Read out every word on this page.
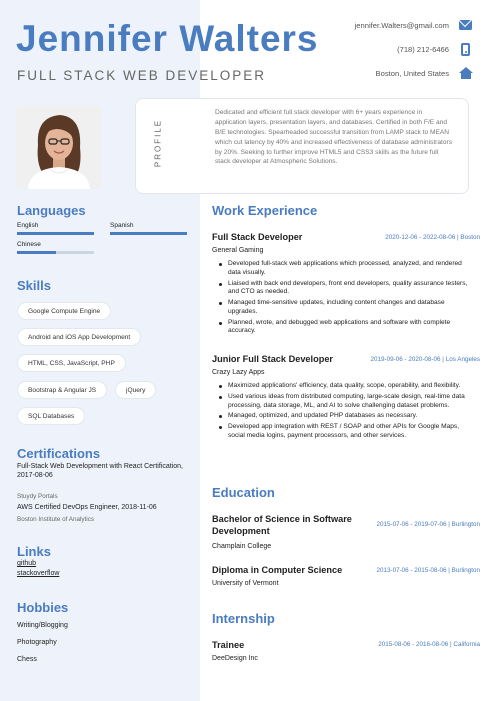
Jennifer Walters
FULL STACK WEB DEVELOPER
jennifer.Walters@gmail.com
(718) 212-6466
Boston, United States
PROFILE
Dedicated and efficient full stack developer with 6+ years experience in application layers, presentation layers, and databases. Certified in both F/E and B/E technologies. Spearheaded successful transition from LAMP stack to MEAN which cut latency by 40% and increased effectiveness of database administrators by 20%. Seeking to further improve HTML5 and CSS3 skills as the future full stack developer at Atmospheric Solutions.
Languages
English	Spanish
Chinese
Skills
Google Compute Engine
Android and iOS App Development
HTML, CSS, JavaScript, PHP
Bootstrap & Angular JS	jQuery
SQL Databases
Certifications
Full-Stack Web Development with React Certification, 2017-08-06
Stuydy Portals
AWS Certified DevOps Engineer, 2018-11-06
Boston Institute of Analytics
Links
github
stackoverflow
Hobbies
Writing/Blogging
Photography
Chess
Work Experience
Full Stack Developer	2020-12-06 - 2022-08-06 | Boston
General Gaming
Developed full-stack web applications which processed, analyzed, and rendered data visually.
Liaised with back end developers, front end developers, quality assurance testers, and CTO as needed.
Managed time-sensitive updates, including content changes and database upgrades.
Planned, wrote, and debugged web applications and software with complete accuracy.
Junior Full Stack Developer	2019-09-06 - 2020-08-06 | Los Angeles
Crazy Lazy Apps
Maximized applications' efficiency, data quality, scope, operability, and flexibility.
Used various ideas from distributed computing, large-scale design, real-time data processing, data storage, ML, and AI to solve challenging dataset problems.
Managed, optimized, and updated PHP databases as necessary.
Developed app integration with REST / SOAP and other APIs for Google Maps, social media logins, payment processors, and other services.
Education
Bachelor of Science in Software Development
2015-07-06 - 2019-07-06 | Burlington
Champlain College
Diploma in Computer Science	2013-07-06 - 2015-08-06 | Burlington
University of Vermont
Internship
Trainee	2015-08-06 - 2016-08-06 | California
DeeDesign Inc
